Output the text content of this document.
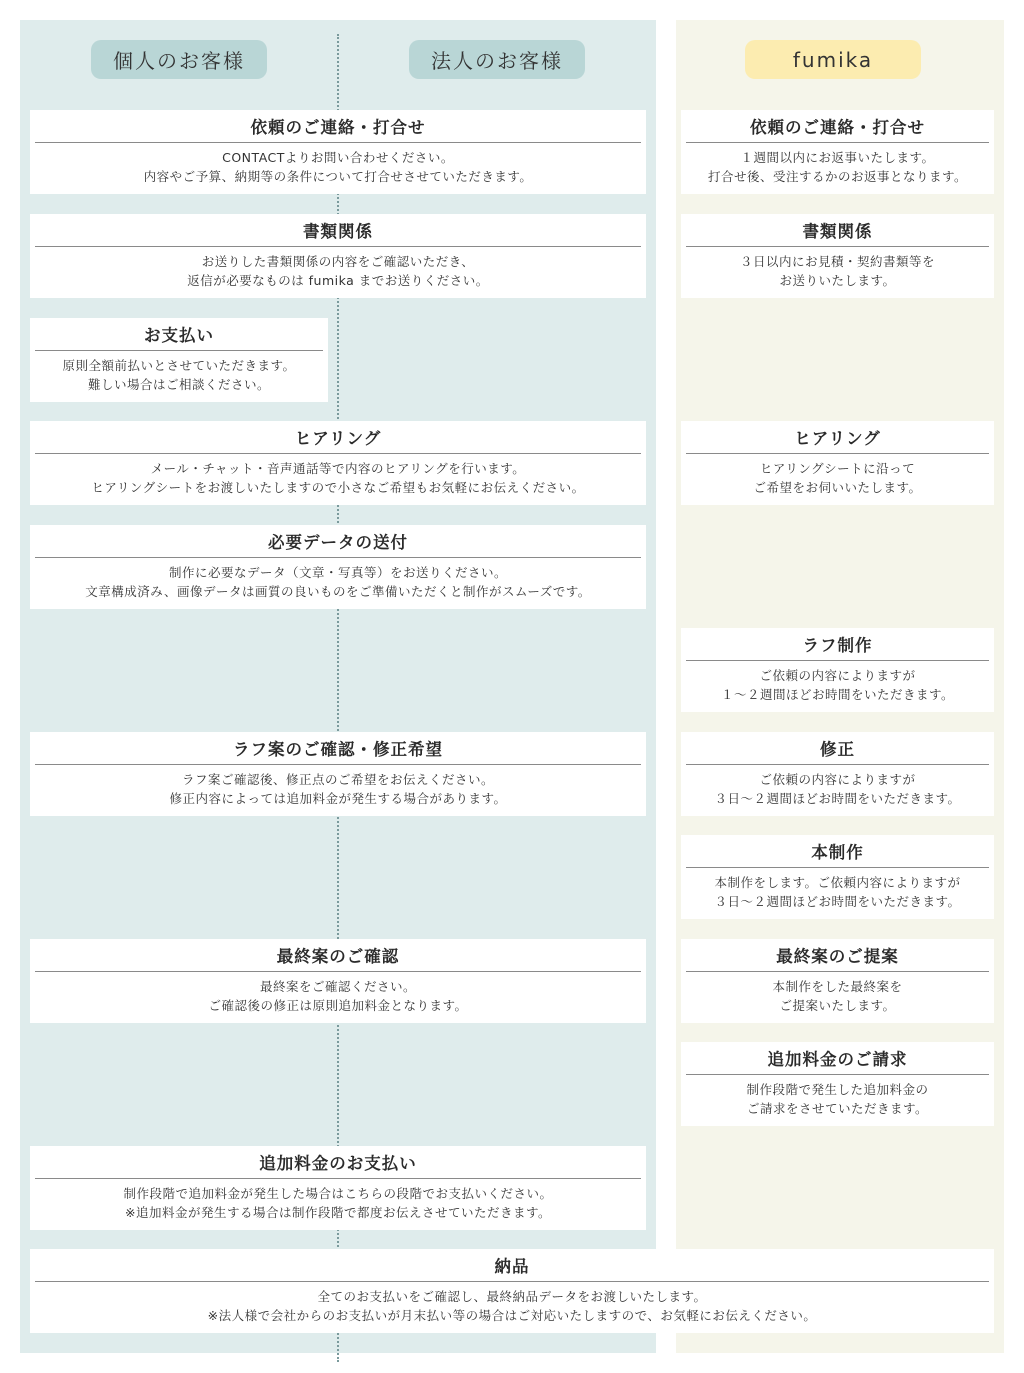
個人のお客様	法人のお客様	fumika
依頼のご連絡・打合せ
CONTACTよりお問い合わせください。
内容やご予算、納期等の条件について打合せさせていただきます。
書類関係
お送りした書類関係の内容をご確認いただき、
返信が必要なものは fumika までお送りください。
お支払い
原則全額前払いとさせていただきます。
難しい場合はご相談ください。
ヒアリング
メール・チャット・音声通話等で内容のヒアリングを行います。
ヒアリングシートをお渡しいたしますので小さなご希望もお気軽にお伝えください。
必要データの送付
制作に必要なデータ（文章・写真等）をお送りください。
文章構成済み、画像データは画質の良いものをご準備いただくと制作がスムーズです。
ラフ案のご確認・修正希望
ラフ案ご確認後、修正点のご希望をお伝えください。
修正内容によっては追加料金が発生する場合があります。
最終案のご確認
最終案をご確認ください。
ご確認後の修正は原則追加料金となります。
追加料金のお支払い
制作段階で追加料金が発生した場合はこちらの段階でお支払いください。
※追加料金が発生する場合は制作段階で都度お伝えさせていただきます。
依頼のご連絡・打合せ
１週間以内にお返事いたします。
打合せ後、受注するかのお返事となります。
書類関係
３日以内にお見積・契約書類等を
お送りいたします。
ヒアリング
ヒアリングシートに沿って
ご希望をお伺いいたします。
ラフ制作
ご依頼の内容によりますが
１～２週間ほどお時間をいただきます。
修正
ご依頼の内容によりますが
３日～２週間ほどお時間をいただきます。
本制作
本制作をします。ご依頼内容によりますが
３日～２週間ほどお時間をいただきます。
最終案のご提案
本制作をした最終案を
ご提案いたします。
追加料金のご請求
制作段階で発生した追加料金の
ご請求をさせていただきます。
納品
全てのお支払いをご確認し、最終納品データをお渡しいたします。
※法人様で会社からのお支払いが月末払い等の場合はご対応いたしますので、お気軽にお伝えください。
